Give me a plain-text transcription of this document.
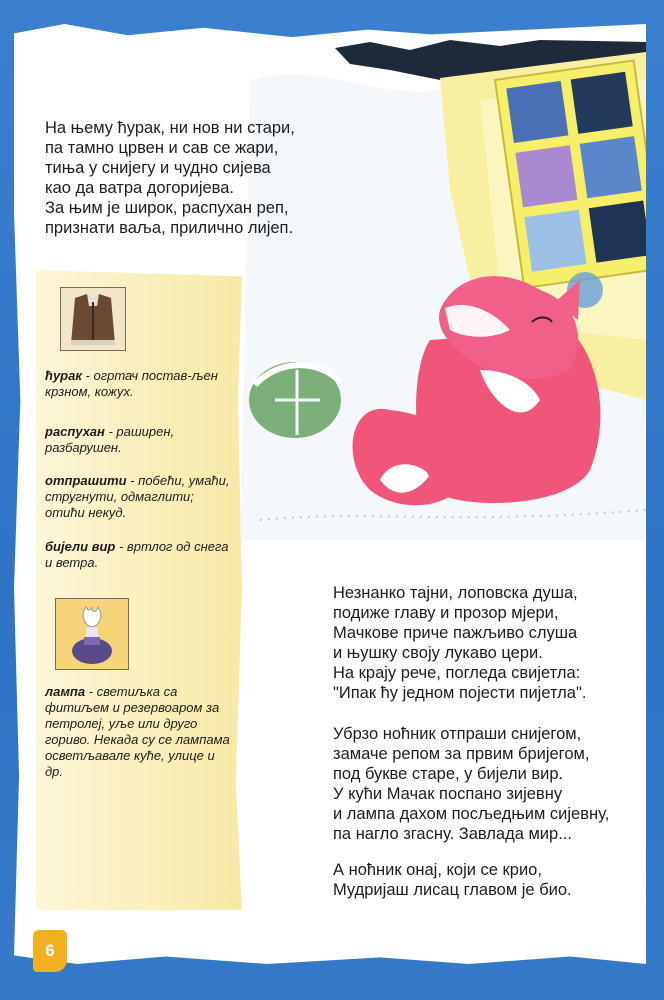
На њему ћурак, ни нов ни стари,
па тамно црвен и сав се жари,
тиња у снијегу и чудно сијева
као да ватра догоријева.
За њим је широк, распухан реп,
признати ваља, прилично лијеп.
Незнанко тајни, лоповска душа,
подиже главу и прозор мјери,
Мачкове приче пажљиво слуша
и њушку своју лукаво цери.
На крају рече, погледа свиjетла:
"Ипак ћу једном појести пијетла".
Убрзо ноћник отпраши снијегом,
замаче репом за првим бријегом,
под букве старе, у бијели вир.
У кући Мачак поспано зијевну
и лампа дахом посљедњим сијевну,
па нагло згасну. Завлада мир...
А ноћник онај, који се крио,
Мудријаш лисац главом је био.
ћурак - огртач постав-љен крзном, кожух.
распухан - раширен, разбарушен.
отпрашити - побећи, умаћи, стругнути, одмаглити; отићи некуд.
бијели вир - вртлог од снега и ветра.
лампа - светиљка са фитиљем и резервоаром за петролеј, уље или друго гориво. Некада су се лампама осветљавале куће, улице и др.
6
